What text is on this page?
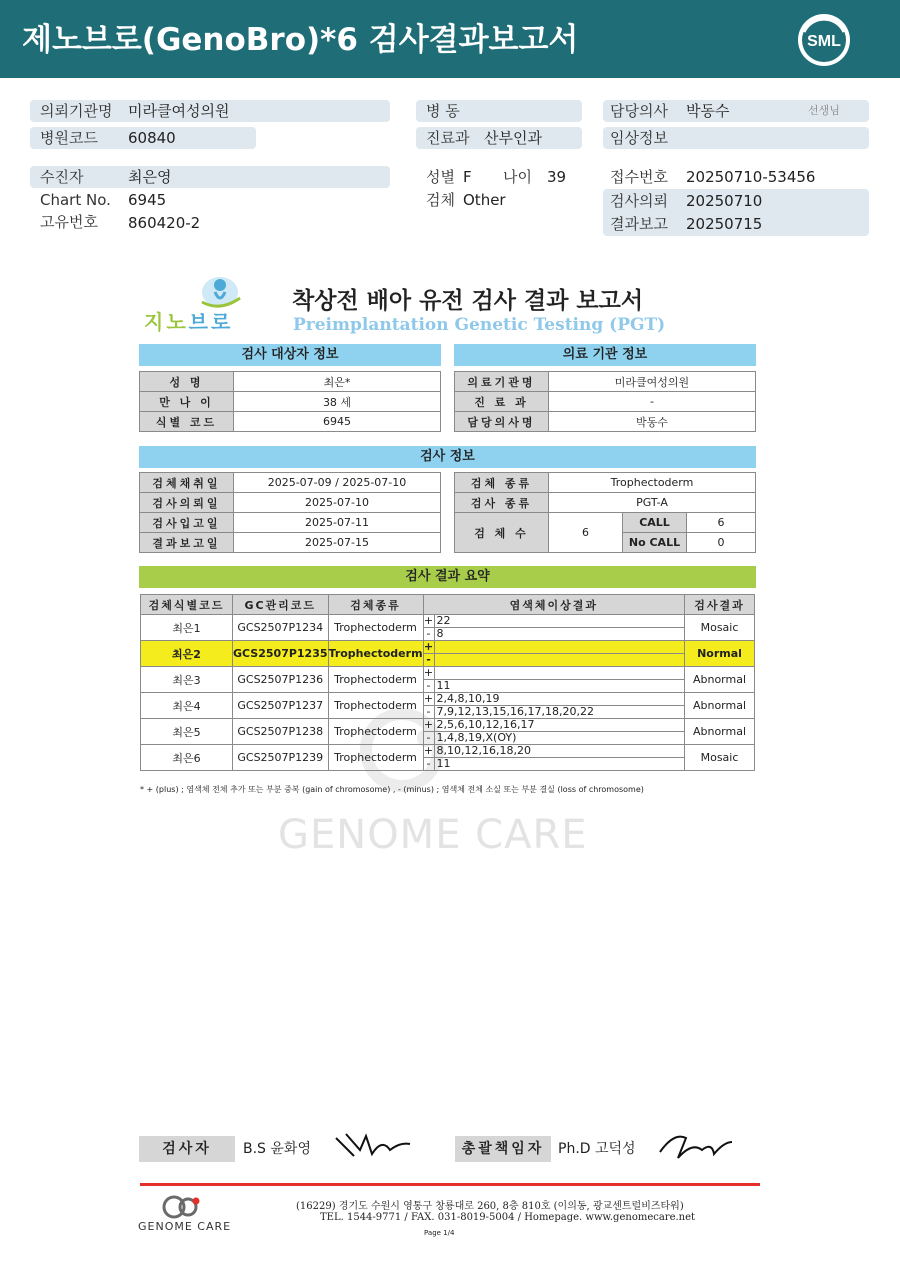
제노브로(GenoBro)*6 검사결과보고서	SML
의뢰기관명 미라클여성의원
병원코드 60840
병 동
진료과 산부인과
담당의사 박동수	선생님
임상정보
수진자	최은영
Chart No. 6945
고유번호 860420-2
성별 F 나이 39
검체 Other
접수번호 20250710-53456
검사의뢰 20250710
결과보고 20250715
지노브로
착상전 배아 유전 검사 결과 보고서
Preimplantation Genetic Testing (PGT)
검사 대상자 정보	의료 기관 정보
성 명	최은*
만 나 이	38 세
식별 코드	6945
의료기관명	미라클여성의원
진 료 과	-
담당의사명	박동수
검사 정보
검체채취일	2025-07-09 / 2025-07-10
검사의뢰일	2025-07-10
검사입고일	2025-07-11
결과보고일	2025-07-15
검체 종류	Trophectoderm		
검사 종류	PGT-A		
검 체 수	6	CALL	6
		No CALL	0
검사 결과 요약
검체식별코드	GC관리코드	검체종류	염색체이상결과		검사결과
최은1	GCS2507P1234	Trophectoderm	+	22	Mosaic
			-	8	
최은2	GCS2507P1235	Trophectoderm	+		Normal
			-		
최은3	GCS2507P1236	Trophectoderm	+		Abnormal
			-	11	
최은4	GCS2507P1237	Trophectoderm	+	2,4,8,10,19	Abnormal
			-	7,9,12,13,15,16,17,18,20,22	
최은5	GCS2507P1238	Trophectoderm	+	2,5,6,10,12,16,17	Abnormal
			-	1,4,8,19,X(OY)	
최은6	GCS2507P1239	Trophectoderm	+	8,10,12,16,18,20	Mosaic
			-	11	
* + (plus) ; 염색체 전체 추가 또는 부분 중복 (gain of chromosome) , - (minus) ; 염색체 전체 소실 또는 부분 결실 (loss of chromosome)
GENOME CARE
검사자	B.S 윤화영	총괄책임자 Ph.D 고덕성
GENOME CARE
(16229) 경기도 수원시 영통구 창룡대로 260, 8층 810호 (이의동, 광교센트럴비즈타워)
TEL. 1544-9771 / FAX. 031-8019-5004 / Homepage. www.genomecare.net
Page 1/4
